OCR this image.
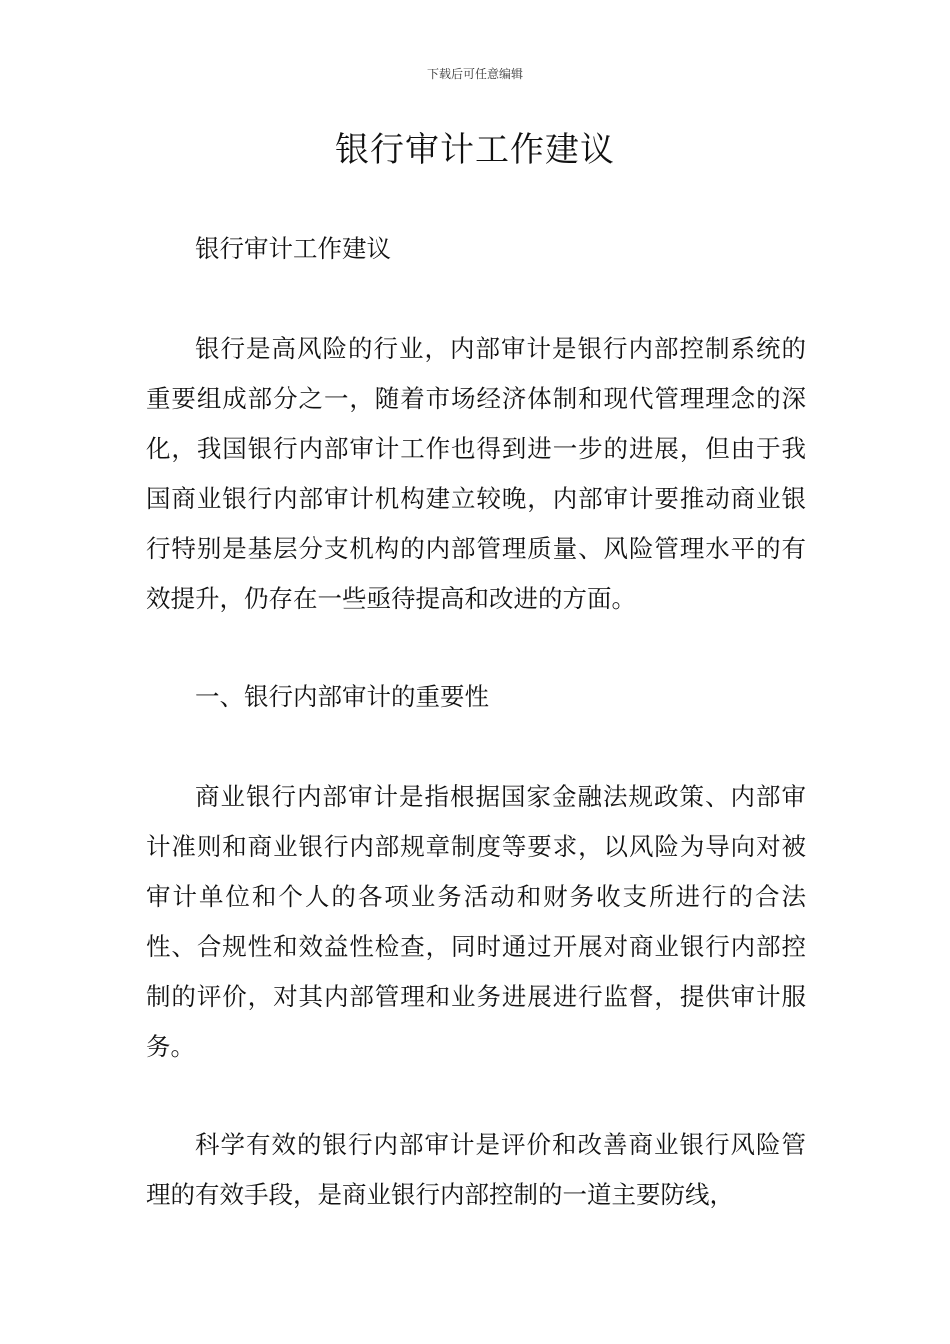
下载后可任意编辑
银行审计工作建议

银行审计工作建议

银行是高风险的行业，内部审计是银行内部控制系统的重要组成部分之一，随着市场经济体制和现代管理理念的深化，我国银行内部审计工作也得到进一步的进展，但由于我国商业银行内部审计机构建立较晚，内部审计要推动商业银行特别是基层分支机构的内部管理质量、风险管理水平的有效提升，仍存在一些亟待提高和改进的方面。

一、银行内部审计的重要性

商业银行内部审计是指根据国家金融法规政策、内部审计准则和商业银行内部规章制度等要求，以风险为导向对被审计单位和个人的各项业务活动和财务收支所进行的合法性、合规性和效益性检查，同时通过开展对商业银行内部控制的评价，对其内部管理和业务进展进行监督，提供审计服务。

科学有效的银行内部审计是评价和改善商业银行风险管理的有效手段，是商业银行内部控制的一道主要防线，
